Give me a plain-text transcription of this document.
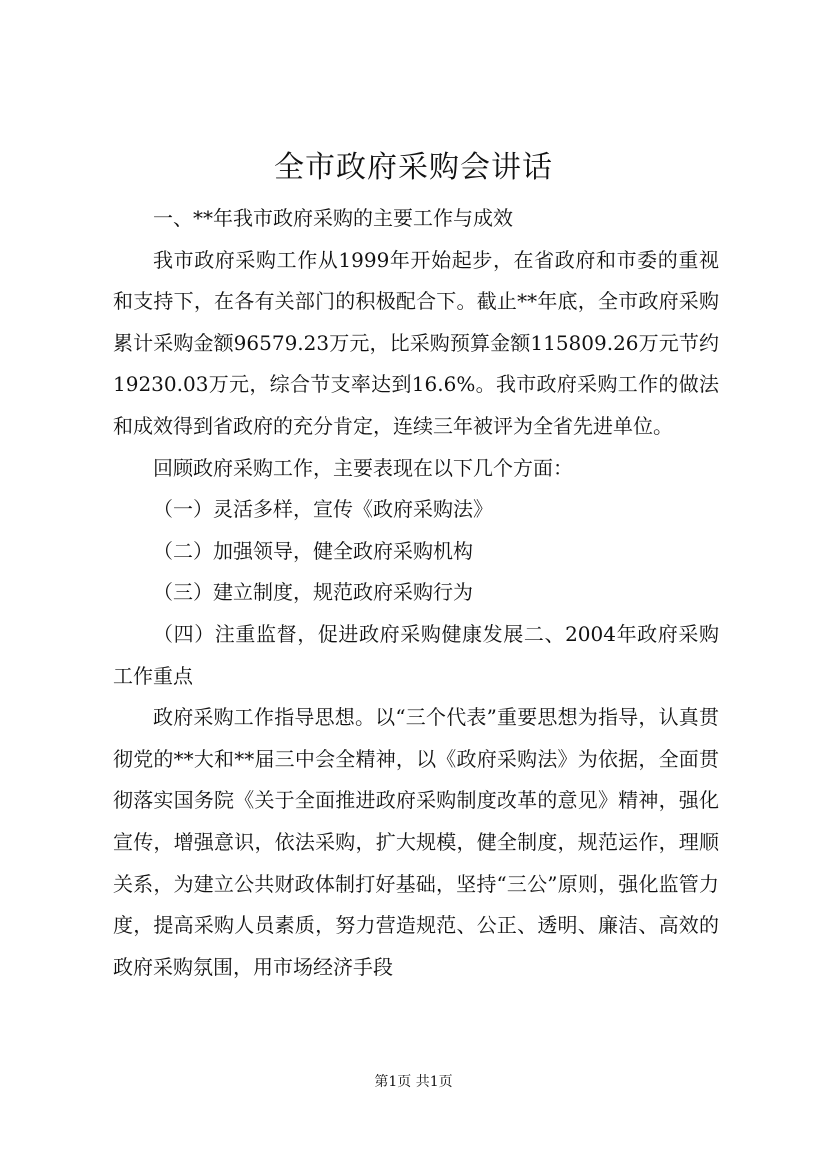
全市政府采购会讲话

一、**年我市政府采购的主要工作与成效

我市政府采购工作从1999年开始起步，在省政府和市委的重视和支持下，在各有关部门的积极配合下。截止**年底，全市政府采购累计采购金额96579.23万元，比采购预算金额115809.26万元节约19230.03万元，综合节支率达到16.6%。我市政府采购工作的做法和成效得到省政府的充分肯定，连续三年被评为全省先进单位。

回顾政府采购工作，主要表现在以下几个方面：

（一）灵活多样，宣传《政府采购法》

（二）加强领导，健全政府采购机构

（三）建立制度，规范政府采购行为

（四）注重监督，促进政府采购健康发展二、2004年政府采购工作重点

政府采购工作指导思想。以“三个代表”重要思想为指导，认真贯彻党的**大和**届三中会全精神，以《政府采购法》为依据，全面贯彻落实国务院《关于全面推进政府采购制度改革的意见》精神，强化宣传，增强意识，依法采购，扩大规模，健全制度，规范运作，理顺关系，为建立公共财政体制打好基础，坚持“三公”原则，强化监管力度，提高采购人员素质，努力营造规范、公正、透明、廉洁、高效的政府采购氛围，用市场经济手段

第1页 共1页
